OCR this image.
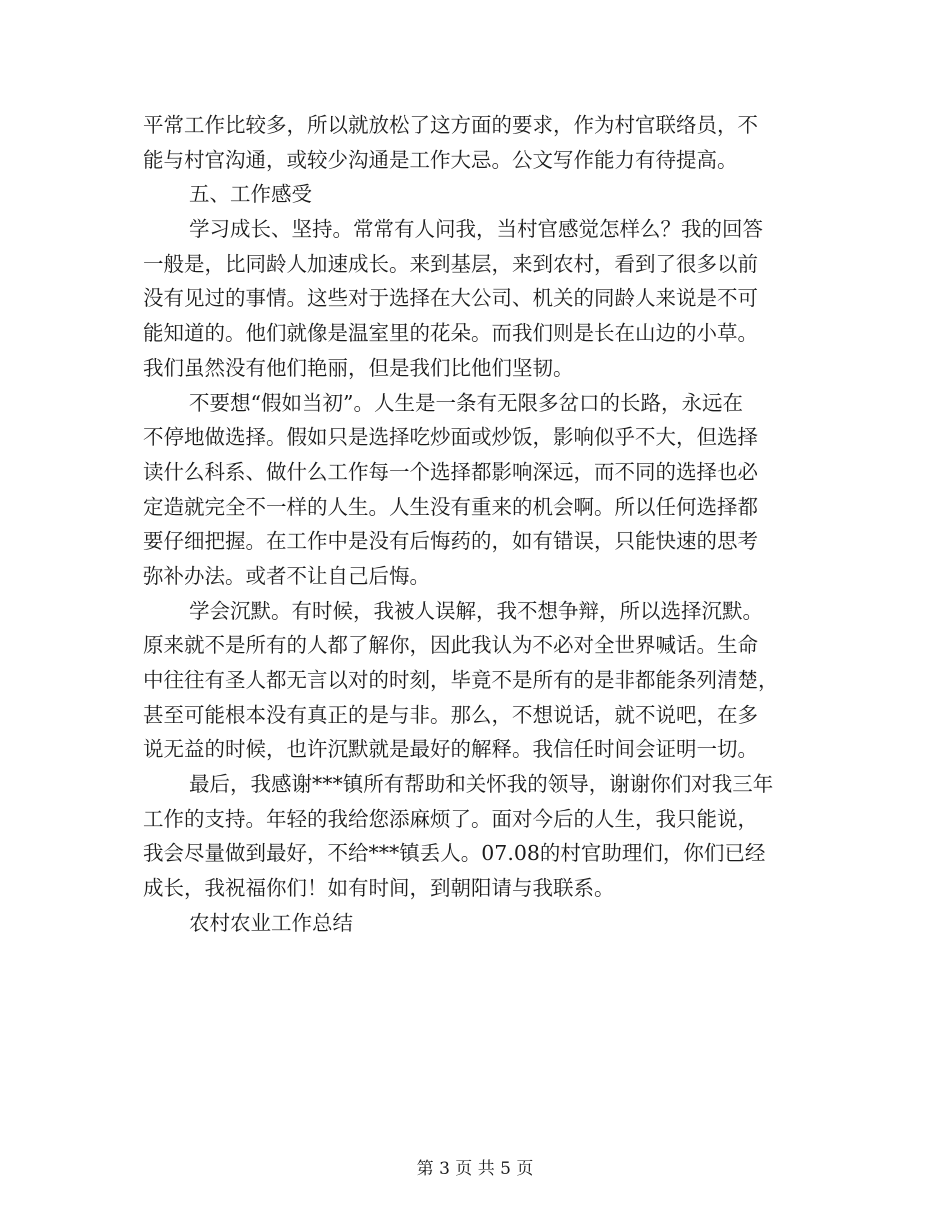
平常工作比较多，所以就放松了这方面的要求，作为村官联络员，不
能与村官沟通，或较少沟通是工作大忌。公文写作能力有待提高。
五、工作感受
学习成长、坚持。常常有人问我，当村官感觉怎样么？我的回答
一般是，比同龄人加速成长。来到基层，来到农村，看到了很多以前
没有见过的事情。这些对于选择在大公司、机关的同龄人来说是不可
能知道的。他们就像是温室里的花朵。而我们则是长在山边的小草。
我们虽然没有他们艳丽，但是我们比他们坚韧。
不要想“假如当初”。人生是一条有无限多岔口的长路，永远在
不停地做选择。假如只是选择吃炒面或炒饭，影响似乎不大，但选择
读什么科系、做什么工作每一个选择都影响深远，而不同的选择也必
定造就完全不一样的人生。人生没有重来的机会啊。所以任何选择都
要仔细把握。在工作中是没有后悔药的，如有错误，只能快速的思考
弥补办法。或者不让自己后悔。
学会沉默。有时候，我被人误解，我不想争辩，所以选择沉默。
原来就不是所有的人都了解你，因此我认为不必对全世界喊话。生命
中往往有圣人都无言以对的时刻，毕竟不是所有的是非都能条列清楚，
甚至可能根本没有真正的是与非。那么，不想说话，就不说吧，在多
说无益的时候，也许沉默就是最好的解释。我信任时间会证明一切。
最后，我感谢***镇所有帮助和关怀我的领导，谢谢你们对我三年
工作的支持。年轻的我给您添麻烦了。面对今后的人生，我只能说，
我会尽量做到最好，不给***镇丢人。07.08的村官助理们，你们已经
成长，我祝福你们！如有时间，到朝阳请与我联系。
农村农业工作总结
第 3 页 共 5 页
